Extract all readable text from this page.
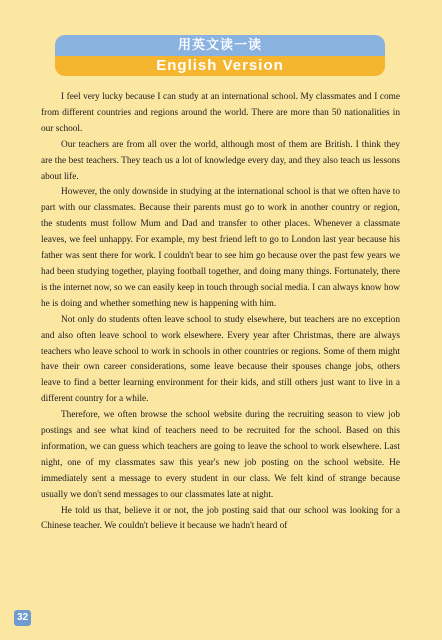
用英文读一读
English Version

I feel very lucky because I can study at an international school. My classmates and I come from different countries and regions around the world. There are more than 50 nationalities in our school.

Our teachers are from all over the world, although most of them are British. I think they are the best teachers. They teach us a lot of knowledge every day, and they also teach us lessons about life.

However, the only downside in studying at the international school is that we often have to part with our classmates. Because their parents must go to work in another country or region, the students must follow Mum and Dad and transfer to other places. Whenever a classmate leaves, we feel unhappy. For example, my best friend left to go to London last year because his father was sent there for work. I couldn't bear to see him go because over the past few years we had been studying together, playing football together, and doing many things. Fortunately, there is the internet now, so we can easily keep in touch through social media. I can always know how he is doing and whether something new is happening with him.

Not only do students often leave school to study elsewhere, but teachers are no exception and also often leave school to work elsewhere. Every year after Christmas, there are always teachers who leave school to work in schools in other countries or regions. Some of them might have their own career considerations, some leave because their spouses change jobs, others leave to find a better learning environment for their kids, and still others just want to live in a different country for a while.

Therefore, we often browse the school website during the recruiting season to view job postings and see what kind of teachers need to be recruited for the school. Based on this information, we can guess which teachers are going to leave the school to work elsewhere. Last night, one of my classmates saw this year's new job posting on the school website. He immediately sent a message to every student in our class. We felt kind of strange because usually we don't send messages to our classmates late at night.

He told us that, believe it or not, the job posting said that our school was looking for a Chinese teacher. We couldn't believe it because we hadn't heard of

32
